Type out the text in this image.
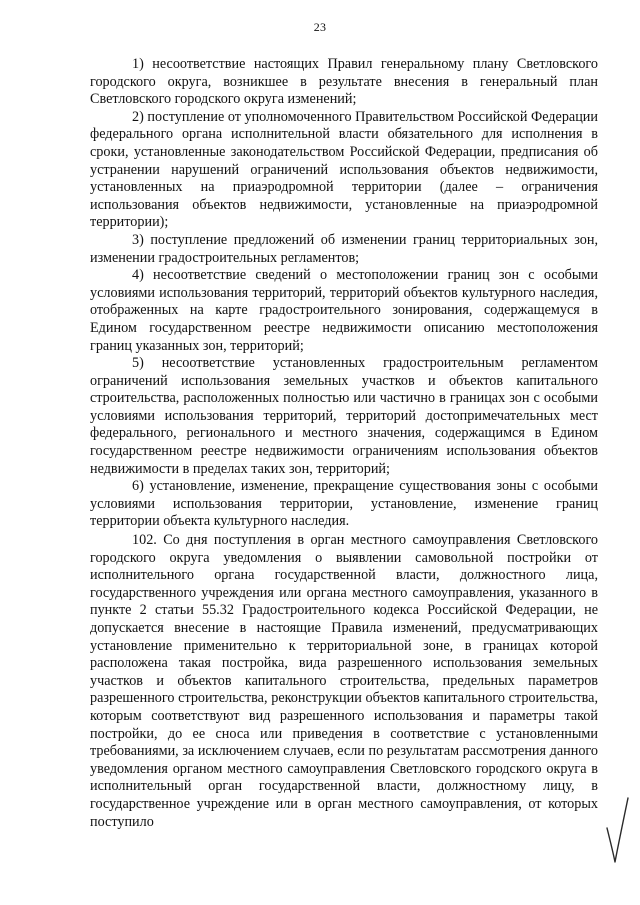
23

1) несоответствие настоящих Правил генеральному плану Светловского городского округа, возникшее в результате внесения в генеральный план Светловского городского округа изменений;

2) поступление от уполномоченного Правительством Российской Федерации федерального органа исполнительной власти обязательного для исполнения в сроки, установленные законодательством Российской Федерации, предписания об устранении нарушений ограничений использования объектов недвижимости, установленных на приаэродромной территории (далее – ограничения использования объектов недвижимости, установленные на приаэродромной территории);

3) поступление предложений об изменении границ территориальных зон, изменении градостроительных регламентов;

4) несоответствие сведений о местоположении границ зон с особыми условиями использования территорий, территорий объектов культурного наследия, отображенных на карте градостроительного зонирования, содержащемуся в Едином государственном реестре недвижимости описанию местоположения границ указанных зон, территорий;

5) несоответствие установленных градостроительным регламентом ограничений использования земельных участков и объектов капитального строительства, расположенных полностью или частично в границах зон с особыми условиями использования территорий, территорий достопримечательных мест федерального, регионального и местного значения, содержащимся в Едином государственном реестре недвижимости ограничениям использования объектов недвижимости в пределах таких зон, территорий;

6) установление, изменение, прекращение существования зоны с особыми условиями использования территории, установление, изменение границ территории объекта культурного наследия.

102. Со дня поступления в орган местного самоуправления Светловского городского округа уведомления о выявлении самовольной постройки от исполнительного органа государственной власти, должностного лица, государственного учреждения или органа местного самоуправления, указанного в пункте 2 статьи 55.32 Градостроительного кодекса Российской Федерации, не допускается внесение в настоящие Правила изменений, предусматривающих установление применительно к территориальной зоне, в границах которой расположена такая постройка, вида разрешенного использования земельных участков и объектов капитального строительства, предельных параметров разрешенного строительства, реконструкции объектов капитального строительства, которым соответствуют вид разрешенного использования и параметры такой постройки, до ее сноса или приведения в соответствие с установленными требованиями, за исключением случаев, если по результатам рассмотрения данного уведомления органом местного самоуправления Светловского городского округа в исполнительный орган государственной власти, должностному лицу, в государственное учреждение или в орган местного самоуправления, от которых поступило
